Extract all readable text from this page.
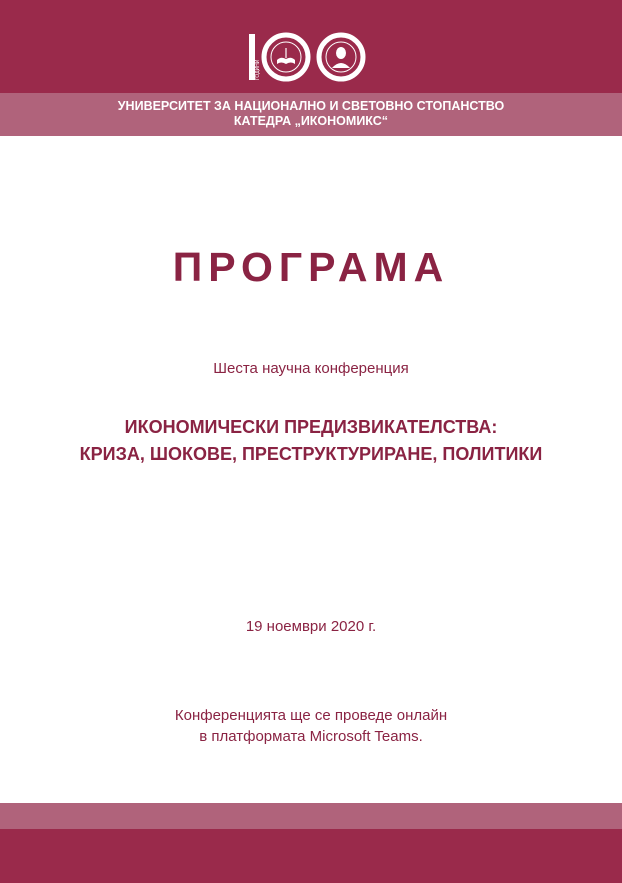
ГОДИНИ
УНИВЕРСИТЕТ ЗА НАЦИОНАЛНО И СВЕТОВНО СТОПАНСТВО
КАТЕДРА „ИКОНОМИКС“
ПРОГРАМА
Шеста научна конференция
ИКОНОМИЧЕСКИ ПРЕДИЗВИКАТЕЛСТВА:
КРИЗА, ШОКОВЕ, ПРЕСТРУКТУРИРАНЕ, ПОЛИТИКИ
19 ноември 2020 г.
Конференцията ще се проведе онлайн
в платформата Microsoft Teams.
